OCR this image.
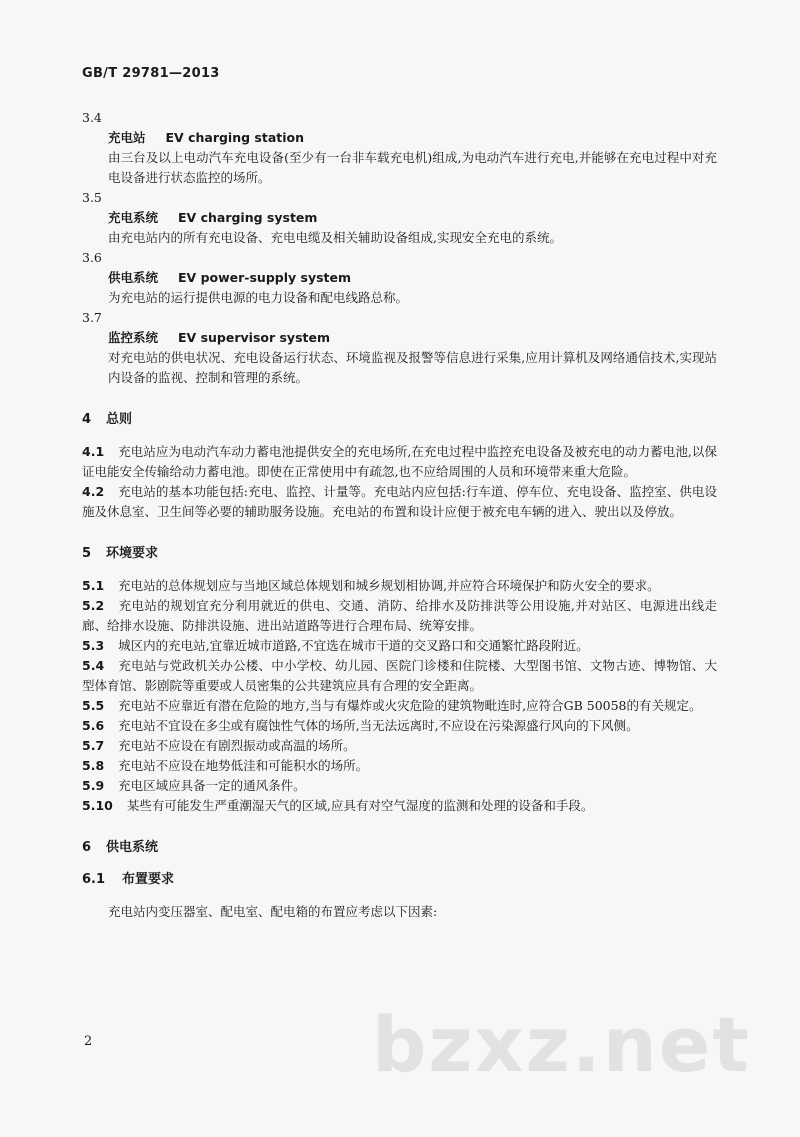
GB/T 29781—2013
3.4
充电站 EV charging station
由三台及以上电动汽车充电设备(至少有一台非车载充电机)组成,为电动汽车进行充电,并能够在充电过程中对充电设备进行状态监控的场所。
3.5
充电系统 EV charging system
由充电站内的所有充电设备、充电电缆及相关辅助设备组成,实现安全充电的系统。
3.6
供电系统 EV power-supply system
为充电站的运行提供电源的电力设备和配电线路总称。
3.7
监控系统 EV supervisor system
对充电站的供电状况、充电设备运行状态、环境监视及报警等信息进行采集,应用计算机及网络通信技术,实现站内设备的监视、控制和管理的系统。
4 总则
4.1 充电站应为电动汽车动力蓄电池提供安全的充电场所,在充电过程中监控充电设备及被充电的动力蓄电池,以保证电能安全传输给动力蓄电池。即使在正常使用中有疏忽,也不应给周围的人员和环境带来重大危险。
4.2 充电站的基本功能包括:充电、监控、计量等。充电站内应包括:行车道、停车位、充电设备、监控室、供电设施及休息室、卫生间等必要的辅助服务设施。充电站的布置和设计应便于被充电车辆的进入、驶出以及停放。
5 环境要求
5.1 充电站的总体规划应与当地区域总体规划和城乡规划相协调,并应符合环境保护和防火安全的要求。
5.2 充电站的规划宜充分利用就近的供电、交通、消防、给排水及防排洪等公用设施,并对站区、电源进出线走廊、给排水设施、防排洪设施、进出站道路等进行合理布局、统筹安排。
5.3 城区内的充电站,宜靠近城市道路,不宜选在城市干道的交叉路口和交通繁忙路段附近。
5.4 充电站与党政机关办公楼、中小学校、幼儿园、医院门诊楼和住院楼、大型图书馆、文物古迹、博物馆、大型体育馆、影剧院等重要或人员密集的公共建筑应具有合理的安全距离。
5.5 充电站不应靠近有潜在危险的地方,当与有爆炸或火灾危险的建筑物毗连时,应符合GB 50058的有关规定。
5.6 充电站不宜设在多尘或有腐蚀性气体的场所,当无法远离时,不应设在污染源盛行风向的下风侧。
5.7 充电站不应设在有剧烈振动或高温的场所。
5.8 充电站不应设在地势低洼和可能积水的场所。
5.9 充电区域应具备一定的通风条件。
5.10 某些有可能发生严重潮湿天气的区域,应具有对空气湿度的监测和处理的设备和手段。
6 供电系统
6.1 布置要求
充电站内变压器室、配电室、配电箱的布置应考虑以下因素:
bzxz.net
2
